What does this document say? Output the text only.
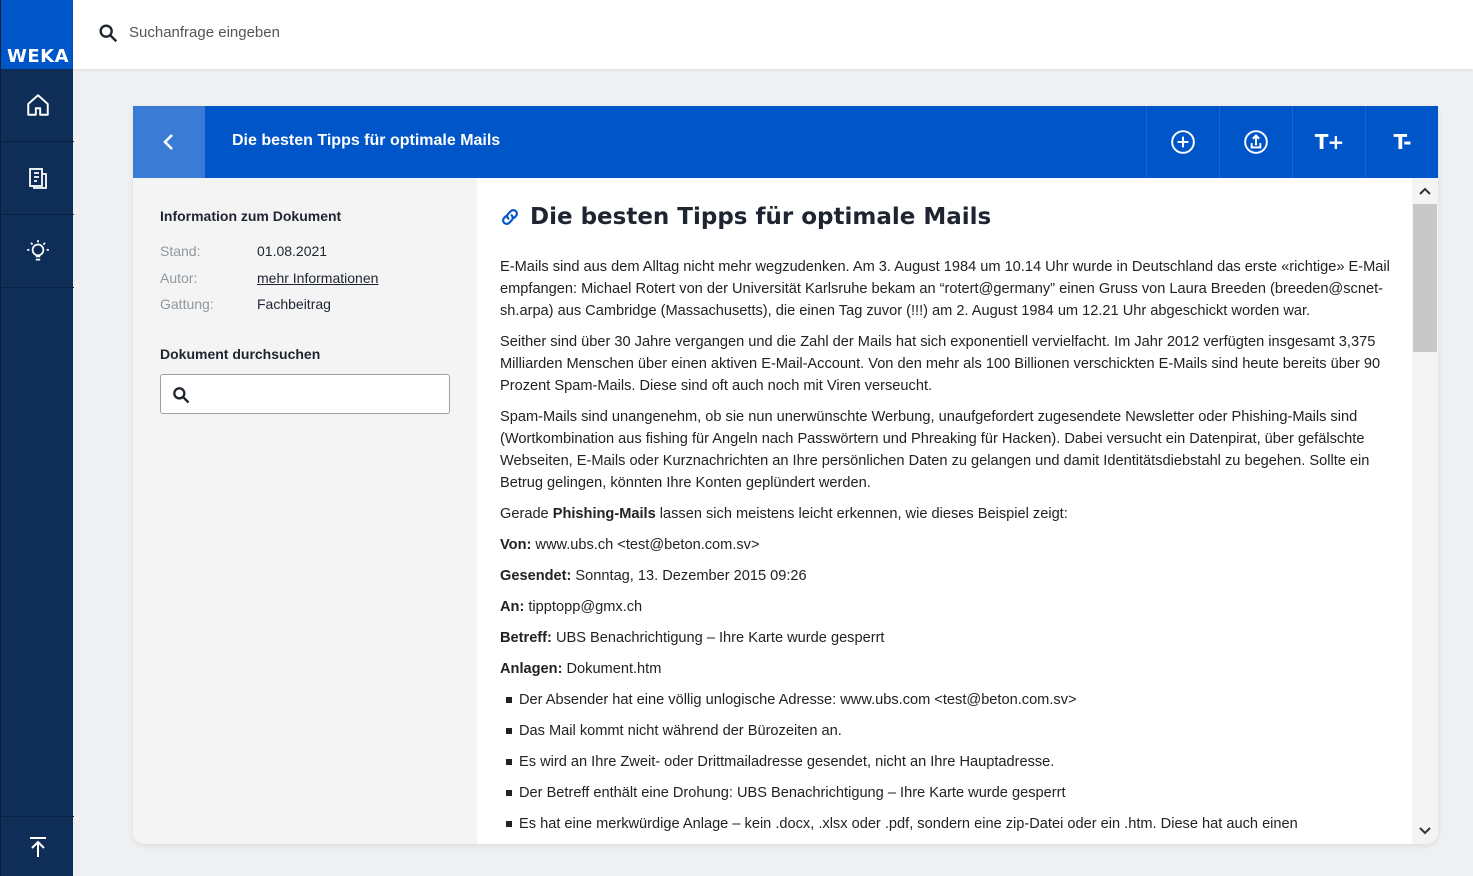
WEKA
Suchanfrage eingeben
Die besten Tipps für optimale Mails	T+	T-
Information zum Dokument
Stand:	01.08.2021
Autor:	mehr Informationen
Gattung:	Fachbeitrag
Dokument durchsuchen
Die besten Tipps für optimale Mails

E-Mails sind aus dem Alltag nicht mehr wegzudenken. Am 3. August 1984 um 10.14 Uhr wurde in Deutschland das erste «richtige» E-Mail empfangen: Michael Rotert von der Universität Karlsruhe bekam an “rotert@germany” einen Gruss von Laura Breeden (breeden@scnet-sh.arpa) aus Cambridge (Massachusetts), die einen Tag zuvor (!!!) am 2. August 1984 um 12.21 Uhr abgeschickt worden war.

Seither sind über 30 Jahre vergangen und die Zahl der Mails hat sich exponentiell vervielfacht. Im Jahr 2012 verfügten insgesamt 3,375 Milliarden Menschen über einen aktiven E-Mail-Account. Von den mehr als 100 Billionen verschickten E-Mails sind heute bereits über 90 Prozent Spam-Mails. Diese sind oft auch noch mit Viren verseucht.

Spam-Mails sind unangenehm, ob sie nun unerwünschte Werbung, unaufgefordert zugesendete Newsletter oder Phishing-Mails sind (Wortkombination aus fishing für Angeln nach Passwörtern und Phreaking für Hacken). Dabei versucht ein Datenpirat, über gefälschte Webseiten, E-Mails oder Kurznachrichten an Ihre persönlichen Daten zu gelangen und damit Identitätsdiebstahl zu begehen. Sollte ein Betrug gelingen, könnten Ihre Konten geplündert werden.

Gerade Phishing-Mails lassen sich meistens leicht erkennen, wie dieses Beispiel zeigt:

Von: www.ubs.ch <test@beton.com.sv>

Gesendet: Sonntag, 13. Dezember 2015 09:26

An: tipptopp@gmx.ch

Betreff: UBS Benachrichtigung – Ihre Karte wurde gesperrt

Anlagen: Dokument.htm

Der Absender hat eine völlig unlogische Adresse: www.ubs.com <test@beton.com.sv>
Das Mail kommt nicht während der Bürozeiten an.
Es wird an Ihre Zweit- oder Drittmailadresse gesendet, nicht an Ihre Hauptadresse.
Der Betreff enthält eine Drohung: UBS Benachrichtigung – Ihre Karte wurde gesperrt
Es hat eine merkwürdige Anlage – kein .docx, .xlsx oder .pdf, sondern eine zip-Datei oder ein .htm. Diese hat auch einen
